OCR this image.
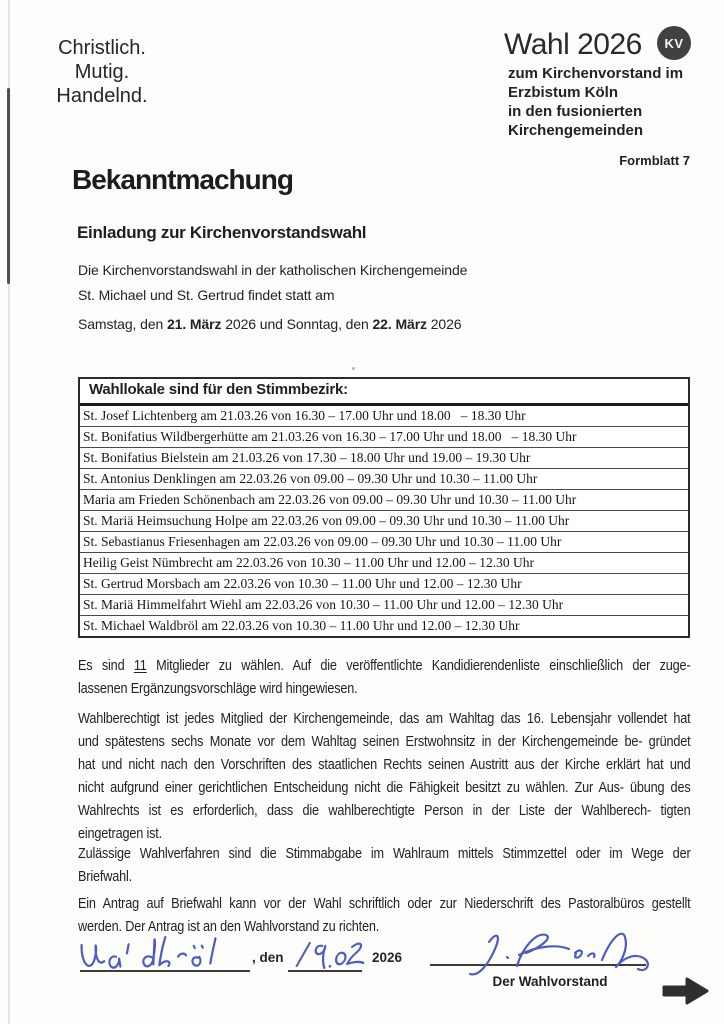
Christlich.
Mutig.
Handelnd.
Wahl 2026	KV
zum Kirchenvorstand im
Erzbistum Köln
in den fusionierten
Kirchengemeinden
Formblatt 7
Bekanntmachung
Einladung zur Kirchenvorstandswahl
Die Kirchenvorstandswahl in der katholischen Kirchengemeinde
St. Michael und St. Gertrud findet statt am
Samstag, den 21. März 2026 und Sonntag, den 22. März 2026
Wahllokale sind für den Stimmbezirk:
St. Josef Lichtenberg am 21.03.26 von 16.30 – 17.00 Uhr und 18.00   – 18.30 Uhr
St. Bonifatius Wildbergerhütte am 21.03.26 von 16.30 – 17.00 Uhr und 18.00   – 18.30 Uhr
St. Bonifatius Bielstein am 21.03.26 von 17.30 – 18.00 Uhr und 19.00 – 19.30 Uhr
St. Antonius Denklingen am 22.03.26 von 09.00 – 09.30 Uhr und 10.30 – 11.00 Uhr
Maria am Frieden Schönenbach am 22.03.26 von 09.00 – 09.30 Uhr und 10.30 – 11.00 Uhr
St. Mariä Heimsuchung Holpe am 22.03.26 von 09.00 – 09.30 Uhr und 10.30 – 11.00 Uhr
St. Sebastianus Friesenhagen am 22.03.26 von 09.00 – 09.30 Uhr und 10.30 – 11.00 Uhr
Heilig Geist Nümbrecht am 22.03.26 von 10.30 – 11.00 Uhr und 12.00 – 12.30 Uhr
St. Gertrud Morsbach am 22.03.26 von 10.30 – 11.00 Uhr und 12.00 – 12.30 Uhr
St. Mariä Himmelfahrt Wiehl am 22.03.26 von 10.30 – 11.00 Uhr und 12.00 – 12.30 Uhr
St. Michael Waldbröl am 22.03.26 von 10.30 – 11.00 Uhr und 12.00 – 12.30 Uhr
Es sind 11 Mitglieder zu wählen. Auf die veröffentlichte Kandidierendenliste einschließlich der zuge-
lassenen Ergänzungsvorschläge wird hingewiesen.
Wahlberechtigt ist jedes Mitglied der Kirchengemeinde, das am Wahltag das 16. Lebensjahr vollendet hat
und spätestens sechs Monate vor dem Wahltag seinen Erstwohnsitz in der Kirchengemeinde be- gründet
hat und nicht nach den Vorschriften des staatlichen Rechts seinen Austritt aus der Kirche erklärt hat und
nicht aufgrund einer gerichtlichen Entscheidung nicht die Fähigkeit besitzt zu wählen. Zur Aus- übung des
Wahlrechts ist es erforderlich, dass die wahlberechtigte Person in der Liste der Wahlberech- tigten
eingetragen ist.
Zulässige Wahlverfahren sind die Stimmabgabe im Wahlraum mittels Stimmzettel oder im Wege der
Briefwahl.
Ein Antrag auf Briefwahl kann vor der Wahl schriftlich oder zur Niederschrift des Pastoralbüros gestellt
werden. Der Antrag ist an den Wahlvorstand zu richten.
, den	2026
Der Wahlvorstand
